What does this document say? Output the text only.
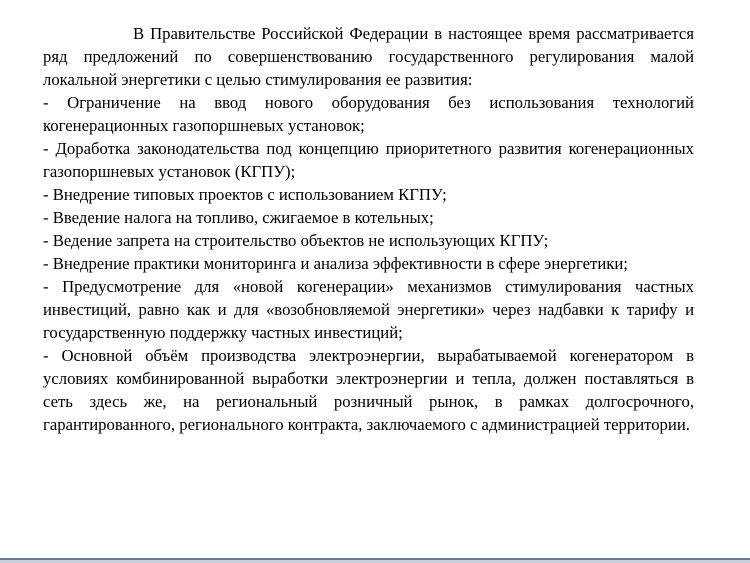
В Правительстве Российской Федерации в настоящее время рассматривается ряд предложений по совершенствованию государственного регулирования малой локальной энергетики с целью стимулирования ее развития:

- Ограничение на ввод нового оборудования без использования технологий когенерационных газопоршневых установок;

- Доработка законодательства под концепцию приоритетного развития когенерационных газопоршневых установок (КГПУ);

- Внедрение типовых проектов с использованием КГПУ;

- Введение налога на топливо, сжигаемое в котельных;

- Ведение запрета на строительство объектов не использующих КГПУ;

- Внедрение практики мониторинга и анализа эффективности в сфере энергетики;

- Предусмотрение для «новой когенерации» механизмов стимулирования частных инвестиций, равно как и для «возобновляемой энергетики» через надбавки к тарифу и государственную поддержку частных инвестиций;

- Основной объём производства электроэнергии, вырабатываемой когенератором в условиях комбинированной выработки электроэнергии и тепла, должен поставляться в сеть здесь же, на региональный розничный рынок, в рамках долгосрочного, гарантированного, регионального контракта, заключаемого с администрацией территории.
